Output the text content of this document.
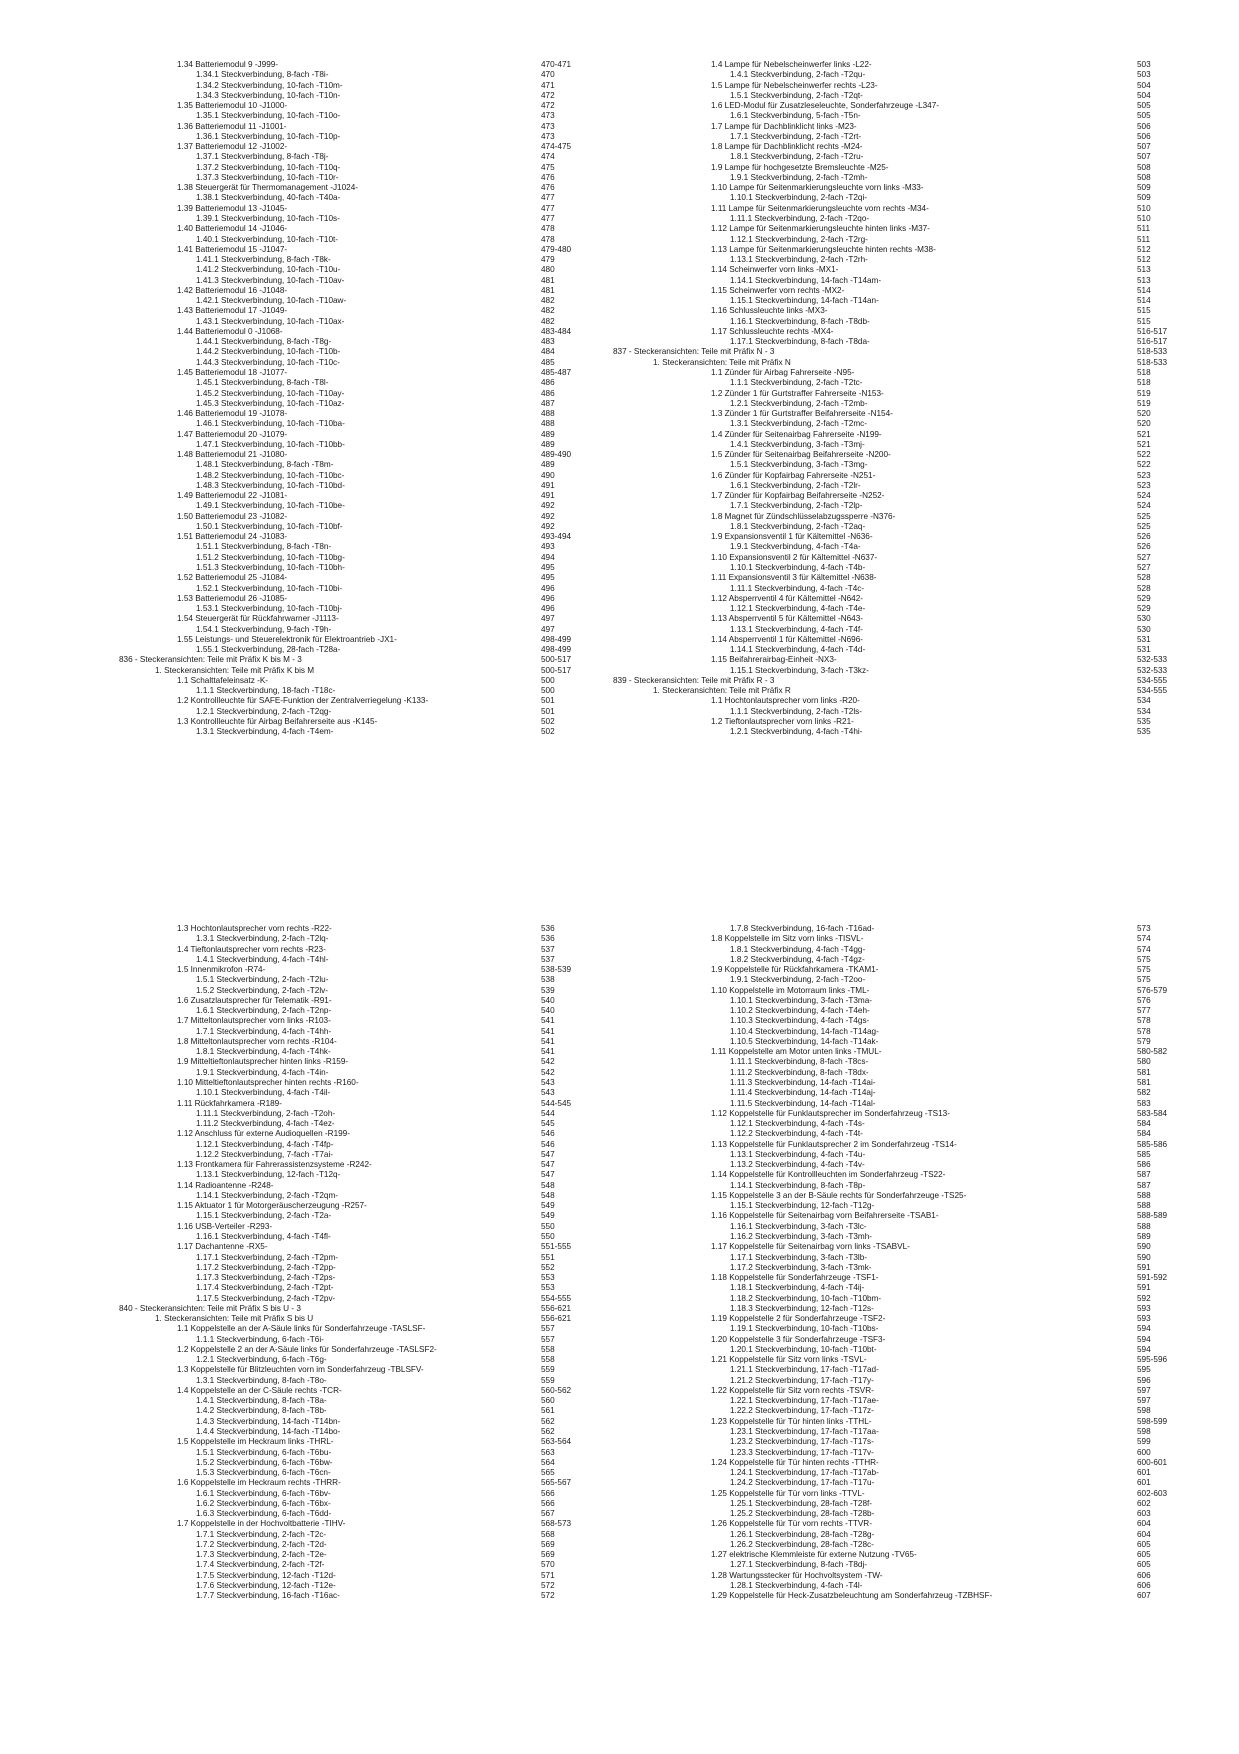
1.34 Batteriemodul 9 -J999-	470-471
1.34.1 Steckverbindung, 8-fach -T8i-	470
1.34.2 Steckverbindung, 10-fach -T10m-	471
1.34.3 Steckverbindung, 10-fach -T10n-	472
1.35 Batteriemodul 10 -J1000-	472
1.35.1 Steckverbindung, 10-fach -T10o-	473
1.36 Batteriemodul 11 -J1001-	473
1.36.1 Steckverbindung, 10-fach -T10p-	473
1.37 Batteriemodul 12 -J1002-	474-475
1.37.1 Steckverbindung, 8-fach -T8j-	474
1.37.2 Steckverbindung, 10-fach -T10q-	475
1.37.3 Steckverbindung, 10-fach -T10r-	476
1.38 Steuergerät für Thermomanagement -J1024-	476
1.38.1 Steckverbindung, 40-fach -T40a-	477
1.39 Batteriemodul 13 -J1045-	477
1.39.1 Steckverbindung, 10-fach -T10s-	477
1.40 Batteriemodul 14 -J1046-	478
1.40.1 Steckverbindung, 10-fach -T10t-	478
1.41 Batteriemodul 15 -J1047-	479-480
1.41.1 Steckverbindung, 8-fach -T8k-	479
1.41.2 Steckverbindung, 10-fach -T10u-	480
1.41.3 Steckverbindung, 10-fach -T10av-	481
1.42 Batteriemodul 16 -J1048-	481
1.42.1 Steckverbindung, 10-fach -T10aw-	482
1.43 Batteriemodul 17 -J1049-	482
1.43.1 Steckverbindung, 10-fach -T10ax-	482
1.44 Batteriemodul 0 -J1068-	483-484
1.44.1 Steckverbindung, 8-fach -T8g-	483
1.44.2 Steckverbindung, 10-fach -T10b-	484
1.44.3 Steckverbindung, 10-fach -T10c-	485
1.45 Batteriemodul 18 -J1077-	485-487
1.45.1 Steckverbindung, 8-fach -T8l-	486
1.45.2 Steckverbindung, 10-fach -T10ay-	486
1.45.3 Steckverbindung, 10-fach -T10az-	487
1.46 Batteriemodul 19 -J1078-	488
1.46.1 Steckverbindung, 10-fach -T10ba-	488
1.47 Batteriemodul 20 -J1079-	489
1.47.1 Steckverbindung, 10-fach -T10bb-	489
1.48 Batteriemodul 21 -J1080-	489-490
1.48.1 Steckverbindung, 8-fach -T8m-	489
1.48.2 Steckverbindung, 10-fach -T10bc-	490
1.48.3 Steckverbindung, 10-fach -T10bd-	491
1.49 Batteriemodul 22 -J1081-	491
1.49.1 Steckverbindung, 10-fach -T10be-	492
1.50 Batteriemodul 23 -J1082-	492
1.50.1 Steckverbindung, 10-fach -T10bf-	492
1.51 Batteriemodul 24 -J1083-	493-494
1.51.1 Steckverbindung, 8-fach -T8n-	493
1.51.2 Steckverbindung, 10-fach -T10bg-	494
1.51.3 Steckverbindung, 10-fach -T10bh-	495
1.52 Batteriemodul 25 -J1084-	495
1.52.1 Steckverbindung, 10-fach -T10bi-	496
1.53 Batteriemodul 26 -J1085-	496
1.53.1 Steckverbindung, 10-fach -T10bj-	496
1.54 Steuergerät für Rückfahrwarner -J1113-	497
1.54.1 Steckverbindung, 9-fach -T9h-	497
1.55 Leistungs- und Steuerelektronik für Elektroantrieb -JX1-	498-499
1.55.1 Steckverbindung, 28-fach -T28a-	498-499
836 - Steckeransichten: Teile mit Präfix K bis M - 3	500-517
1. Steckeransichten: Teile mit Präfix K bis M	500-517
1.1 Schalttafeleinsatz -K-	500
1.1.1 Steckverbindung, 18-fach -T18c-	500
1.2 Kontrollleuchte für SAFE-Funktion der Zentralverriegelung -K133-	501
1.2.1 Steckverbindung, 2-fach -T2qg-	501
1.3 Kontrollleuchte für Airbag Beifahrerseite aus -K145-	502
1.3.1 Steckverbindung, 4-fach -T4em-	502
1.4 Lampe für Nebelscheinwerfer links -L22-	503
1.4.1 Steckverbindung, 2-fach -T2qu-	503
1.5 Lampe für Nebelscheinwerfer rechts -L23-	504
1.5.1 Steckverbindung, 2-fach -T2qt-	504
1.6 LED-Modul für Zusatzleseleuchte, Sonderfahrzeuge -L347-	505
1.6.1 Steckverbindung, 5-fach -T5n-	505
1.7 Lampe für Dachblinklicht links -M23-	506
1.7.1 Steckverbindung, 2-fach -T2rt-	506
1.8 Lampe für Dachblinklicht rechts -M24-	507
1.8.1 Steckverbindung, 2-fach -T2ru-	507
1.9 Lampe für hochgesetzte Bremsleuchte -M25-	508
1.9.1 Steckverbindung, 2-fach -T2mh-	508
1.10 Lampe für Seitenmarkierungsleuchte vorn links -M33-	509
1.10.1 Steckverbindung, 2-fach -T2qi-	509
1.11 Lampe für Seitenmarkierungsleuchte vorn rechts -M34-	510
1.11.1 Steckverbindung, 2-fach -T2qo-	510
1.12 Lampe für Seitenmarkierungsleuchte hinten links -M37-	511
1.12.1 Steckverbindung, 2-fach -T2rg-	511
1.13 Lampe für Seitenmarkierungsleuchte hinten rechts -M38-	512
1.13.1 Steckverbindung, 2-fach -T2rh-	512
1.14 Scheinwerfer vorn links -MX1-	513
1.14.1 Steckverbindung, 14-fach -T14am-	513
1.15 Scheinwerfer vorn rechts -MX2-	514
1.15.1 Steckverbindung, 14-fach -T14an-	514
1.16 Schlussleuchte links -MX3-	515
1.16.1 Steckverbindung, 8-fach -T8db-	515
1.17 Schlussleuchte rechts -MX4-	516-517
1.17.1 Steckverbindung, 8-fach -T8da-	516-517
837 - Steckeransichten: Teile mit Präfix N - 3	518-533
1. Steckeransichten: Teile mit Präfix N	518-533
1.1 Zünder für Airbag Fahrerseite -N95-	518
1.1.1 Steckverbindung, 2-fach -T2tc-	518
1.2 Zünder 1 für Gurtstraffer Fahrerseite -N153-	519
1.2.1 Steckverbindung, 2-fach -T2mb-	519
1.3 Zünder 1 für Gurtstraffer Beifahrerseite -N154-	520
1.3.1 Steckverbindung, 2-fach -T2mc-	520
1.4 Zünder für Seitenairbag Fahrerseite -N199-	521
1.4.1 Steckverbindung, 3-fach -T3mj-	521
1.5 Zünder für Seitenairbag Beifahrerseite -N200-	522
1.5.1 Steckverbindung, 3-fach -T3mg-	522
1.6 Zünder für Kopfairbag Fahrerseite -N251-	523
1.6.1 Steckverbindung, 2-fach -T2lr-	523
1.7 Zünder für Kopfairbag Beifahrerseite -N252-	524
1.7.1 Steckverbindung, 2-fach -T2lp-	524
1.8 Magnet für Zündschlüsselabzugssperre -N376-	525
1.8.1 Steckverbindung, 2-fach -T2aq-	525
1.9 Expansionsventil 1 für Kältemittel -N636-	526
1.9.1 Steckverbindung, 4-fach -T4a-	526
1.10 Expansionsventil 2 für Kältemittel -N637-	527
1.10.1 Steckverbindung, 4-fach -T4b-	527
1.11 Expansionsventil 3 für Kältemittel -N638-	528
1.11.1 Steckverbindung, 4-fach -T4c-	528
1.12 Absperrventil 4 für Kältemittel -N642-	529
1.12.1 Steckverbindung, 4-fach -T4e-	529
1.13 Absperrventil 5 für Kältemittel -N643-	530
1.13.1 Steckverbindung, 4-fach -T4f-	530
1.14 Absperrventil 1 für Kältemittel -N696-	531
1.14.1 Steckverbindung, 4-fach -T4d-	531
1.15 Beifahrerairbag-Einheit -NX3-	532-533
1.15.1 Steckverbindung, 3-fach -T3kz-	532-533
839 - Steckeransichten: Teile mit Präfix R - 3	534-555
1. Steckeransichten: Teile mit Präfix R	534-555
1.1 Hochtonlautsprecher vorn links -R20-	534
1.1.1 Steckverbindung, 2-fach -T2ls-	534
1.2 Tieftonlautsprecher vorn links -R21-	535
1.2.1 Steckverbindung, 4-fach -T4hi-	535
1.3 Hochtonlautsprecher vorn rechts -R22-	536
1.3.1 Steckverbindung, 2-fach -T2lq-	536
1.4 Tieftonlautsprecher vorn rechts -R23-	537
1.4.1 Steckverbindung, 4-fach -T4hl-	537
1.5 Innenmikrofon -R74-	538-539
1.5.1 Steckverbindung, 2-fach -T2lu-	538
1.5.2 Steckverbindung, 2-fach -T2lv-	539
1.6 Zusatzlautsprecher für Telematik -R91-	540
1.6.1 Steckverbindung, 2-fach -T2np-	540
1.7 Mitteltonlautsprecher vorn links -R103-	541
1.7.1 Steckverbindung, 4-fach -T4hh-	541
1.8 Mitteltonlautsprecher vorn rechts -R104-	541
1.8.1 Steckverbindung, 4-fach -T4hk-	541
1.9 Mitteltieftonlautsprecher hinten links -R159-	542
1.9.1 Steckverbindung, 4-fach -T4in-	542
1.10 Mitteltieftonlautsprecher hinten rechts -R160-	543
1.10.1 Steckverbindung, 4-fach -T4il-	543
1.11 Rückfahrkamera -R189-	544-545
1.11.1 Steckverbindung, 2-fach -T2oh-	544
1.11.2 Steckverbindung, 4-fach -T4ez-	545
1.12 Anschluss für externe Audioquellen -R199-	546
1.12.1 Steckverbindung, 4-fach -T4fp-	546
1.12.2 Steckverbindung, 7-fach -T7ai-	547
1.13 Frontkamera für Fahrerassistenzsysteme -R242-	547
1.13.1 Steckverbindung, 12-fach -T12q-	547
1.14 Radioantenne -R248-	548
1.14.1 Steckverbindung, 2-fach -T2qm-	548
1.15 Aktuator 1 für Motorgeräuscherzeugung -R257-	549
1.15.1 Steckverbindung, 2-fach -T2a-	549
1.16 USB-Verteiler -R293-	550
1.16.1 Steckverbindung, 4-fach -T4fl-	550
1.17 Dachantenne -RX5-	551-555
1.17.1 Steckverbindung, 2-fach -T2pm-	551
1.17.2 Steckverbindung, 2-fach -T2pp-	552
1.17.3 Steckverbindung, 2-fach -T2ps-	553
1.17.4 Steckverbindung, 2-fach -T2pt-	553
1.17.5 Steckverbindung, 2-fach -T2pv-	554-555
840 - Steckeransichten: Teile mit Präfix S bis U - 3	556-621
1. Steckeransichten: Teile mit Präfix S bis U	556-621
1.1 Koppelstelle an der A-Säule links für Sonderfahrzeuge -TASLSF-	557
1.1.1 Steckverbindung, 6-fach -T6i-	557
1.2 Koppelstelle 2 an der A-Säule links für Sonderfahrzeuge -TASLSF2-	558
1.2.1 Steckverbindung, 6-fach -T6g-	558
1.3 Koppelstelle für Blitzleuchten vorn im Sonderfahrzeug -TBLSFV-	559
1.3.1 Steckverbindung, 8-fach -T8o-	559
1.4 Koppelstelle an der C-Säule rechts -TCR-	560-562
1.4.1 Steckverbindung, 8-fach -T8a-	560
1.4.2 Steckverbindung, 8-fach -T8b-	561
1.4.3 Steckverbindung, 14-fach -T14bn-	562
1.4.4 Steckverbindung, 14-fach -T14bo-	562
1.5 Koppelstelle im Heckraum links -THRL-	563-564
1.5.1 Steckverbindung, 6-fach -T6bu-	563
1.5.2 Steckverbindung, 6-fach -T6bw-	564
1.5.3 Steckverbindung, 6-fach -T6cn-	565
1.6 Koppelstelle im Heckraum rechts -THRR-	565-567
1.6.1 Steckverbindung, 6-fach -T6bv-	566
1.6.2 Steckverbindung, 6-fach -T6bx-	566
1.6.3 Steckverbindung, 6-fach -T6dd-	567
1.7 Koppelstelle in der Hochvoltbatterie -TIHV-	568-573
1.7.1 Steckverbindung, 2-fach -T2c-	568
1.7.2 Steckverbindung, 2-fach -T2d-	569
1.7.3 Steckverbindung, 2-fach -T2e-	569
1.7.4 Steckverbindung, 2-fach -T2f-	570
1.7.5 Steckverbindung, 12-fach -T12d-	571
1.7.6 Steckverbindung, 12-fach -T12e-	572
1.7.7 Steckverbindung, 16-fach -T16ac-	572
1.7.8 Steckverbindung, 16-fach -T16ad-	573
1.8 Koppelstelle im Sitz vorn links -TISVL-	574
1.8.1 Steckverbindung, 4-fach -T4gg-	574
1.8.2 Steckverbindung, 4-fach -T4gz-	575
1.9 Koppelstelle für Rückfahrkamera -TKAM1-	575
1.9.1 Steckverbindung, 2-fach -T2oo-	575
1.10 Koppelstelle im Motorraum links -TML-	576-579
1.10.1 Steckverbindung, 3-fach -T3ma-	576
1.10.2 Steckverbindung, 4-fach -T4eh-	577
1.10.3 Steckverbindung, 4-fach -T4gs-	578
1.10.4 Steckverbindung, 14-fach -T14ag-	578
1.10.5 Steckverbindung, 14-fach -T14ak-	579
1.11 Koppelstelle am Motor unten links -TMUL-	580-582
1.11.1 Steckverbindung, 8-fach -T8cs-	580
1.11.2 Steckverbindung, 8-fach -T8dx-	581
1.11.3 Steckverbindung, 14-fach -T14ai-	581
1.11.4 Steckverbindung, 14-fach -T14aj-	582
1.11.5 Steckverbindung, 14-fach -T14al-	583
1.12 Koppelstelle für Funklautsprecher im Sonderfahrzeug -TS13-	583-584
1.12.1 Steckverbindung, 4-fach -T4s-	584
1.12.2 Steckverbindung, 4-fach -T4t-	584
1.13 Koppelstelle für Funklautsprecher 2 im Sonderfahrzeug -TS14-	585-586
1.13.1 Steckverbindung, 4-fach -T4u-	585
1.13.2 Steckverbindung, 4-fach -T4v-	586
1.14 Koppelstelle für Kontrollleuchten im Sonderfahrzeug -TS22-	587
1.14.1 Steckverbindung, 8-fach -T8p-	587
1.15 Koppelstelle 3 an der B-Säule rechts für Sonderfahrzeuge -TS25-	588
1.15.1 Steckverbindung, 12-fach -T12g-	588
1.16 Koppelstelle für Seitenairbag vorn Beifahrerseite -TSAB1-	588-589
1.16.1 Steckverbindung, 3-fach -T3lc-	588
1.16.2 Steckverbindung, 3-fach -T3mh-	589
1.17 Koppelstelle für Seitenairbag vorn links -TSABVL-	590
1.17.1 Steckverbindung, 3-fach -T3lb-	590
1.17.2 Steckverbindung, 3-fach -T3mk-	591
1.18 Koppelstelle für Sonderfahrzeuge -TSF1-	591-592
1.18.1 Steckverbindung, 4-fach -T4ij-	591
1.18.2 Steckverbindung, 10-fach -T10bm-	592
1.18.3 Steckverbindung, 12-fach -T12s-	593
1.19 Koppelstelle 2 für Sonderfahrzeuge -TSF2-	593
1.19.1 Steckverbindung, 10-fach -T10bs-	594
1.20 Koppelstelle 3 für Sonderfahrzeuge -TSF3-	594
1.20.1 Steckverbindung, 10-fach -T10bt-	594
1.21 Koppelstelle für Sitz vorn links -TSVL-	595-596
1.21.1 Steckverbindung, 17-fach -T17ad-	595
1.21.2 Steckverbindung, 17-fach -T17y-	596
1.22 Koppelstelle für Sitz vorn rechts -TSVR-	597
1.22.1 Steckverbindung, 17-fach -T17ae-	597
1.22.2 Steckverbindung, 17-fach -T17z-	598
1.23 Koppelstelle für Tür hinten links -TTHL-	598-599
1.23.1 Steckverbindung, 17-fach -T17aa-	598
1.23.2 Steckverbindung, 17-fach -T17s-	599
1.23.3 Steckverbindung, 17-fach -T17v-	600
1.24 Koppelstelle für Tür hinten rechts -TTHR-	600-601
1.24.1 Steckverbindung, 17-fach -T17ab-	601
1.24.2 Steckverbindung, 17-fach -T17u-	601
1.25 Koppelstelle für Tür vorn links -TTVL-	602-603
1.25.1 Steckverbindung, 28-fach -T28f-	602
1.25.2 Steckverbindung, 28-fach -T28b-	603
1.26 Koppelstelle für Tür vorn rechts -TTVR-	604
1.26.1 Steckverbindung, 28-fach -T28g-	604
1.26.2 Steckverbindung, 28-fach -T28c-	605
1.27 elektrische Klemmleiste für externe Nutzung -TV65-	605
1.27.1 Steckverbindung, 8-fach -T8dj-	605
1.28 Wartungsstecker für Hochvoltsystem -TW-	606
1.28.1 Steckverbindung, 4-fach -T4l-	606
1.29 Koppelstelle für Heck-Zusatzbeleuchtung am Sonderfahrzeug -TZBHSF-	607
